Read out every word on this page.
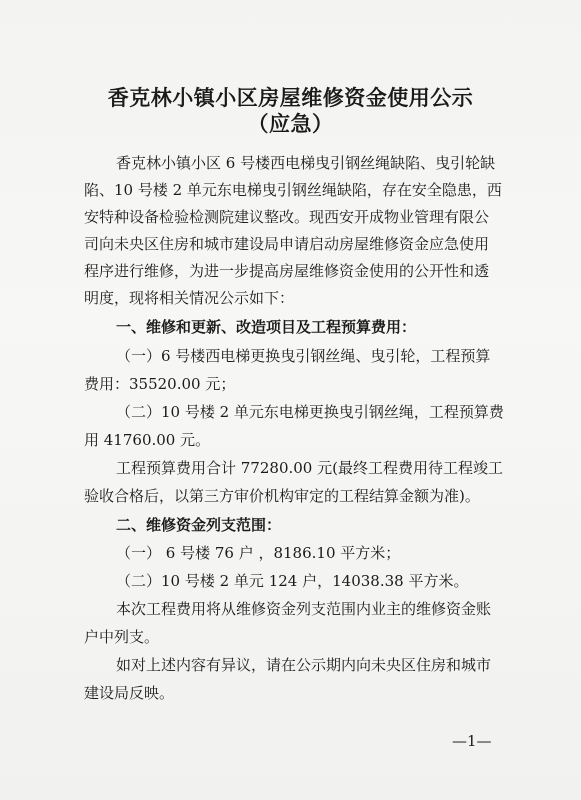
香克林小镇小区房屋维修资金使用公示
（应急）
香克林小镇小区 6 号楼西电梯曳引钢丝绳缺陷、曳引轮缺
陷、10 号楼 2 单元东电梯曳引钢丝绳缺陷，存在安全隐患，西
安特种设备检验检测院建议整改。现西安开成物业管理有限公
司向未央区住房和城市建设局申请启动房屋维修资金应急使用
程序进行维修，为进一步提高房屋维修资金使用的公开性和透
明度，现将相关情况公示如下：
一、维修和更新、改造项目及工程预算费用：
（一）6 号楼西电梯更换曳引钢丝绳、曳引轮，工程预算
费用：35520.00 元；
（二）10 号楼 2 单元东电梯更换曳引钢丝绳，工程预算费
用 41760.00 元。
工程预算费用合计 77280.00 元(最终工程费用待工程竣工
验收合格后，以第三方审价机构审定的工程结算金额为准)。
二、维修资金列支范围：
（一） 6 号楼 76 户 ，8186.10 平方米；
（二）10 号楼 2 单元 124 户，14038.38 平方米。
本次工程费用将从维修资金列支范围内业主的维修资金账
户中列支。
如对上述内容有异议，请在公示期内向未央区住房和城市
建设局反映。
—1—
